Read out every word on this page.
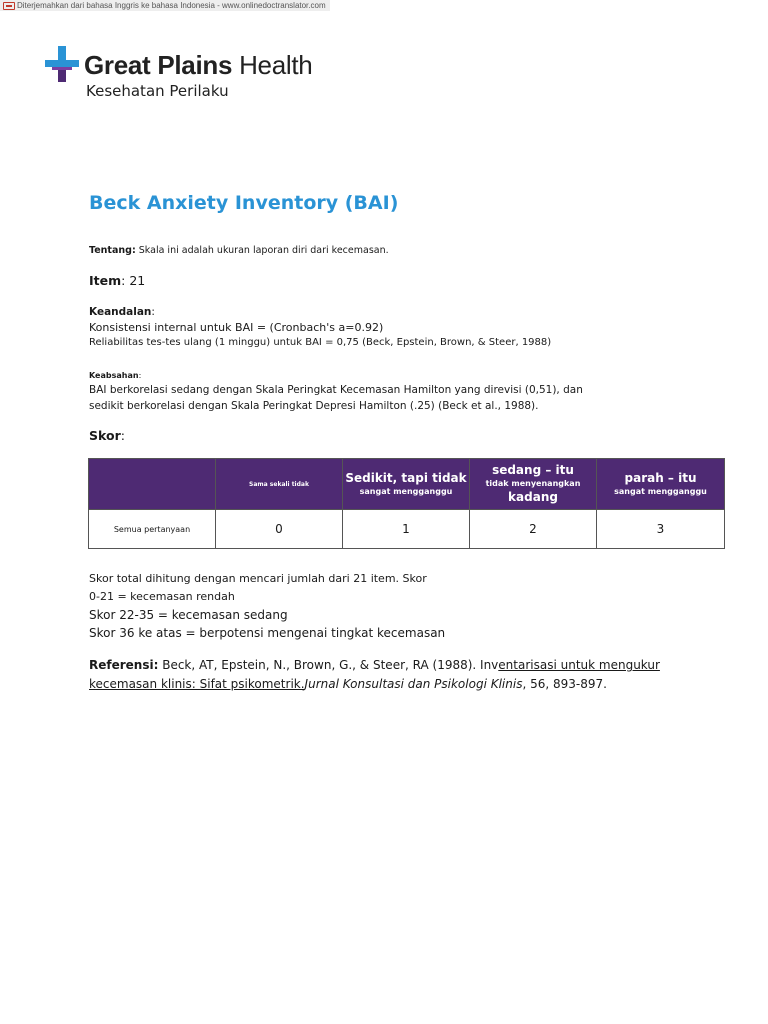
Diterjemahkan dari bahasa Inggris ke bahasa Indonesia - www.onlinedoctranslator.com
Great Plains Health
Kesehatan Perilaku
Beck Anxiety Inventory (BAI)
Tentang: Skala ini adalah ukuran laporan diri dari kecemasan.
Item: 21
Keandalan:
Konsistensi internal untuk BAI = (Cronbach's a=0.92)
Reliabilitas tes-tes ulang (1 minggu) untuk BAI = 0,75 (Beck, Epstein, Brown, & Steer, 1988)
Keabsahan:
BAI berkorelasi sedang dengan Skala Peringkat Kecemasan Hamilton yang direvisi (0,51), dan
sedikit berkorelasi dengan Skala Peringkat Depresi Hamilton (.25) (Beck et al., 1988).
Skor:

	Sama sekali tidak	Sedikit, tapi tidak
sangat mengganggu	sedang – itu
tidak menyenangkan
kadang	parah – itu
sangat mengganggu

Semua pertanyaan	0	1	2	3
Skor total dihitung dengan mencari jumlah dari 21 item. Skor
0-21 = kecemasan rendah
Skor 22-35 = kecemasan sedang
Skor 36 ke atas = berpotensi mengenai tingkat kecemasan
Referensi: Beck, AT, Epstein, N., Brown, G., & Steer, RA (1988). Inventarisasi untuk mengukur kecemasan klinis: Sifat psikometrik.Jurnal Konsultasi dan Psikologi Klinis, 56, 893-897.
